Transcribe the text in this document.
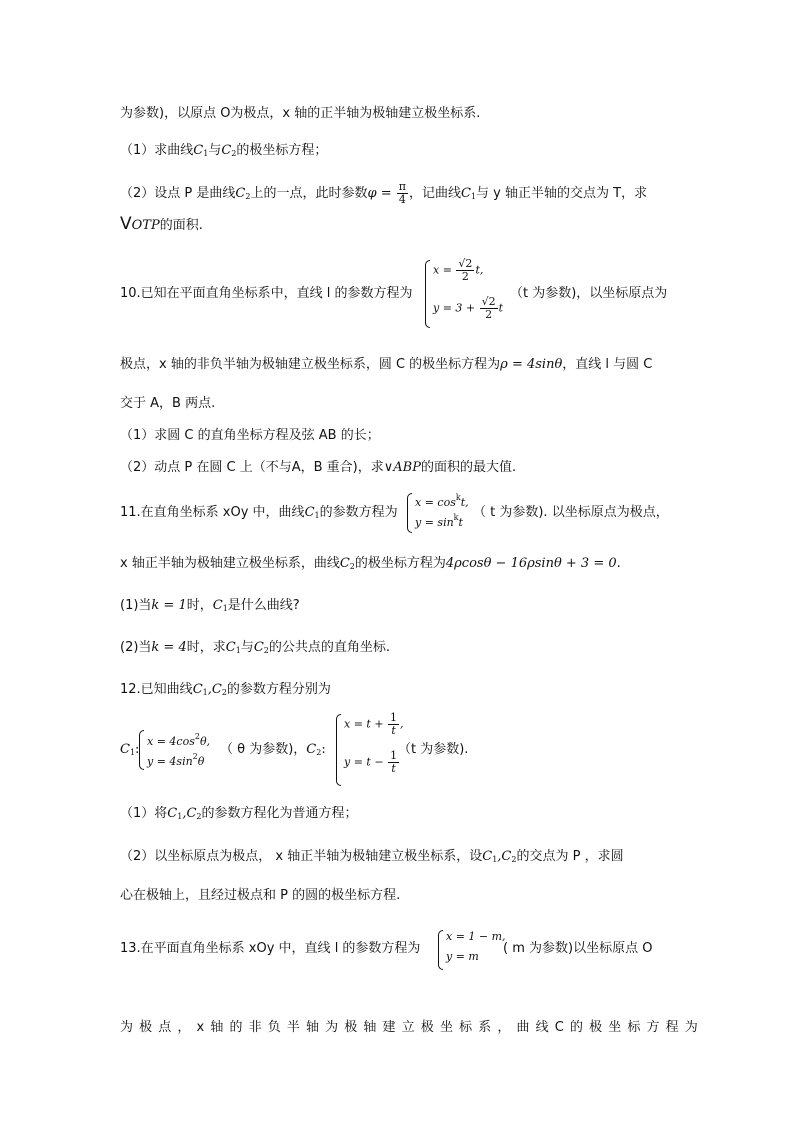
为参数)，以原点 O为极点，x 轴的正半轴为极轴建立极坐标系.
（1）求曲线$C_1$与$C_2$的极坐标方程；
（2）设点 P 是曲线$C_2$上的一点，此时参数$\varphi = \frac{\pi}{4}$ ，记曲线$C_1$与 y 轴正半轴的交点为 T，求
VOTP的面积.
10.已知在平面直角坐标系中，直线 l 的参数方程为
$x = \frac{√2}{2} t$,
$y = 3 + \frac{√2}{2}$ t
（t 为参数)，以坐标原点为
极点，x 轴的非负半轴为极轴建立极坐标系，圆 C 的极坐标方程为ρ = 4sinθ，直线 l 与圆 C
交于 A，B 两点.
（1）求圆 C 的直角坐标方程及弦 AB 的长；
（2）动点 P 在圆 C 上（不与A，B 重合)，求∨ABP的面积的最大值.
11.在直角坐标系 xOy 中，曲线$C_1$的参数方程为
$x = \cos^kt$,
$y = \sin^kt$
（ t 为参数). 以坐标原点为极点，
x 轴正半轴为极轴建立极坐标系，曲线$C_2$的极坐标方程为4ρcosθ − 16ρsinθ + 3 = 0.
(1)当k = 1时，$C_1$是什么曲线?
(2)当k = 4时，求$C_1$与$C_2$的公共点的直角坐标.
12.已知曲线$C_1,C_2$的参数方程分别为
$C_1$:
$x = 4\cos^2\theta$,
$y = 4\sin^2\theta$
（ θ 为参数)，$C_2$:
$x = t + \frac{1}{t}$ ,
$y = t - \frac{1}{t}$
（t 为参数).
（1）将$C_1,C_2$的参数方程化为普通方程；
（2）以坐标原点为极点， x 轴正半轴为极轴建立极坐标系，设$C_1,C_2$的交点为 P ，求圆
心在极轴上，且经过极点和 P 的圆的极坐标方程.
13.在平面直角坐标系 xOy 中，直线 l 的参数方程为
x = 1 − m,
y = m
( m 为参数)以坐标原点 O
为 极 点 ， x 轴 的 非 负 半 轴 为 极 轴 建 立 极 坐 标 系 ， 曲 线 C 的 极 坐 标 方 程 为
